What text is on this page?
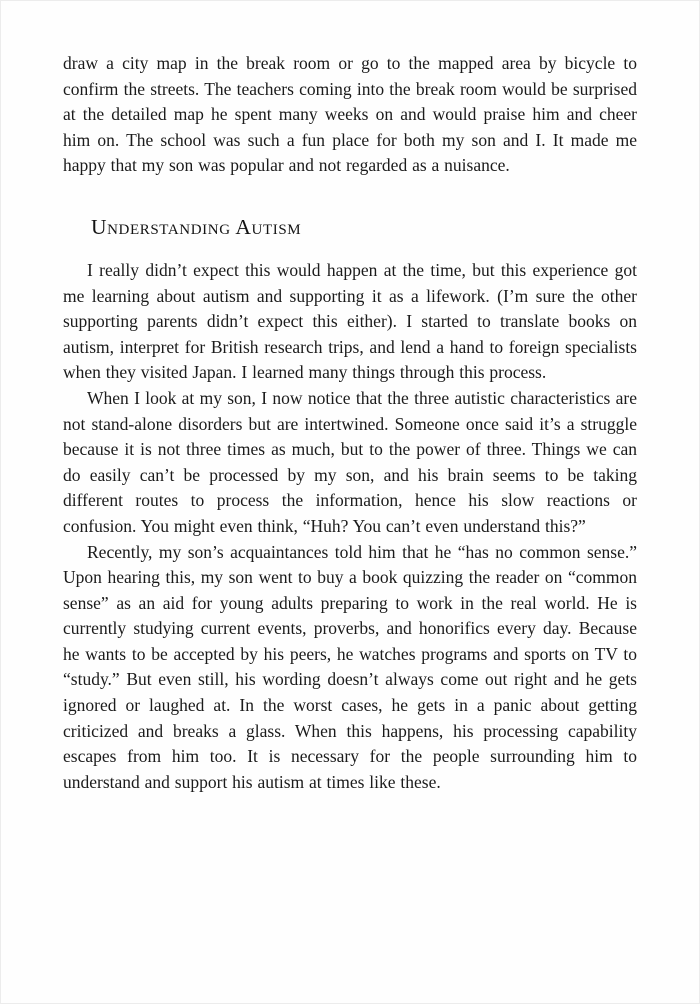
draw a city map in the break room or go to the mapped area by bicycle to confirm the streets. The teachers coming into the break room would be surprised at the detailed map he spent many weeks on and would praise him and cheer him on. The school was such a fun place for both my son and I. It made me happy that my son was popular and not regarded as a nuisance.

Understanding Autism

I really didn’t expect this would happen at the time, but this experience got me learning about autism and supporting it as a lifework. (I’m sure the other supporting parents didn’t expect this either). I started to translate books on autism, interpret for British research trips, and lend a hand to foreign specialists when they visited Japan. I learned many things through this process.

When I look at my son, I now notice that the three autistic characteristics are not stand-alone disorders but are intertwined. Someone once said it’s a struggle because it is not three times as much, but to the power of three. Things we can do easily can’t be processed by my son, and his brain seems to be taking different routes to process the information, hence his slow reactions or confusion. You might even think, “Huh? You can’t even understand this?”

Recently, my son’s acquaintances told him that he “has no common sense.” Upon hearing this, my son went to buy a book quizzing the reader on “common sense” as an aid for young adults preparing to work in the real world. He is currently studying current events, proverbs, and honorifics every day. Because he wants to be accepted by his peers, he watches programs and sports on TV to “study.” But even still, his wording doesn’t always come out right and he gets ignored or laughed at. In the worst cases, he gets in a panic about getting criticized and breaks a glass. When this happens, his processing capability escapes from him too. It is necessary for the people surrounding him to understand and support his autism at times like these.
